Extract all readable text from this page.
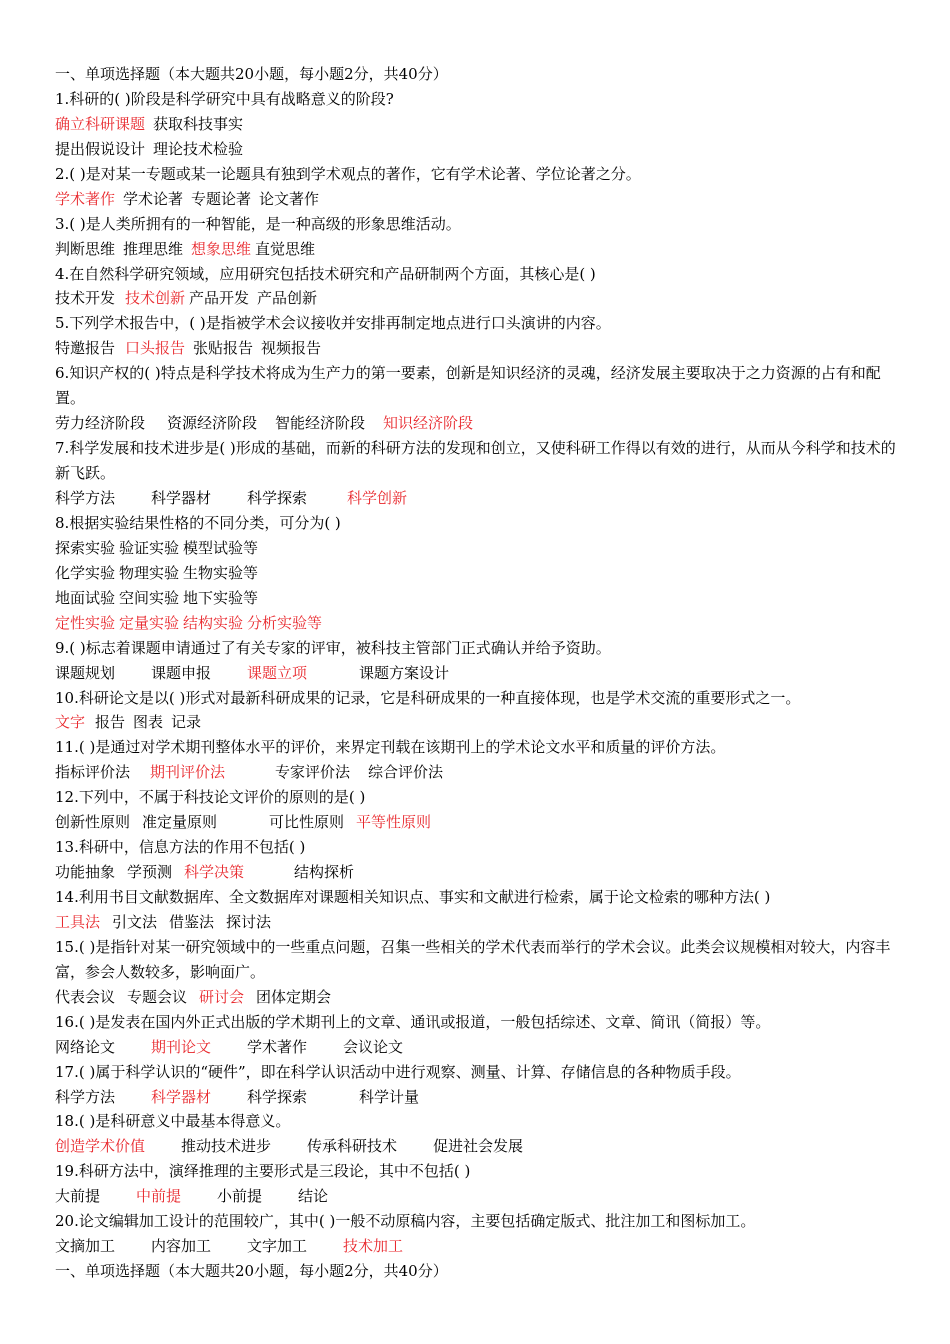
一、单项选择题（本大题共20小题，每小题2分，共40分）
1.科研的( )阶段是科学研究中具有战略意义的阶段?
确立科研课题 获取科技事实
提出假说设计 理论技术检验
2.( )是对某一专题或某一论题具有独到学术观点的著作，它有学术论著、学位论著之分。
学术著作 学术论著 专题论著 论文著作
3.( )是人类所拥有的一种智能，是一种高级的形象思维活动。
判断思维 推理思维 想象思维 直觉思维
4.在自然科学研究领域，应用研究包括技术研究和产品研制两个方面，其核心是( )
技术开发 技术创新 产品开发 产品创新
5.下列学术报告中，( )是指被学术会议接收并安排再制定地点进行口头演讲的内容。
特邀报告 口头报告 张贴报告 视频报告
6.知识产权的( )特点是科学技术将成为生产力的第一要素，创新是知识经济的灵魂，经济发展主要取决于之力资源的占有和配置。
劳力经济阶段 资源经济阶段 智能经济阶段 知识经济阶段
7.科学发展和技术进步是( )形成的基础，而新的科研方法的发现和创立，又使科研工作得以有效的进行，从而从今科学和技术的新飞跃。
科学方法 科学器材 科学探索	科学创新
8.根据实验结果性格的不同分类，可分为( )
探索实验 验证实验 模型试验等
化学实验 物理实验 生物实验等
地面试验 空间实验 地下实验等
定性实验 定量实验 结构实验 分析实验等
9.( )标志着课题申请通过了有关专家的评审，被科技主管部门正式确认并给予资助。
课题规划 课题申报 课题立项	课题方案设计
10.科研论文是以( )形式对最新科研成果的记录，它是科研成果的一种直接体现，也是学术交流的重要形式之一。
文字 报告 图表 记录
11.( )是通过对学术期刊整体水平的评价，来界定刊载在该期刊上的学术论文水平和质量的评价方法。
指标评价法 期刊评价法	专家评价法 综合评价法
12.下列中，不属于科技论文评价的原则的是( )
创新性原则 准定量原则	可比性原则 平等性原则
13.科研中，信息方法的作用不包括( )
功能抽象 学预测 科学决策	结构探析
14.利用书目文献数据库、全文数据库对课题相关知识点、事实和文献进行检索，属于论文检索的哪种方法( )
工具法 引文法 借鉴法 探讨法
15.( )是指针对某一研究领域中的一些重点问题，召集一些相关的学术代表而举行的学术会议。此类会议规模相对较大，内容丰富，参会人数较多，影响面广。
代表会议 专题会议 研讨会 团体定期会
16.( )是发表在国内外正式出版的学术期刊上的文章、通讯或报道，一般包括综述、文章、简讯（简报）等。
网络论文 期刊论文 学术著作 会议论文
17.( )属于科学认识的“硬件”，即在科学认识活动中进行观察、测量、计算、存储信息的各种物质手段。
科学方法 科学器材 科学探索	科学计量
18.( )是科研意义中最基本得意义。
创造学术价值 推动技术进步 传承科研技术 促进社会发展
19.科研方法中，演绎推理的主要形式是三段论，其中不包括( )
大前提 中前提 小前提 结论
20.论文编辑加工设计的范围较广，其中( )一般不动原稿内容，主要包括确定版式、批注加工和图标加工。
文摘加工 内容加工 文字加工 技术加工
一、单项选择题（本大题共20小题，每小题2分，共40分）
